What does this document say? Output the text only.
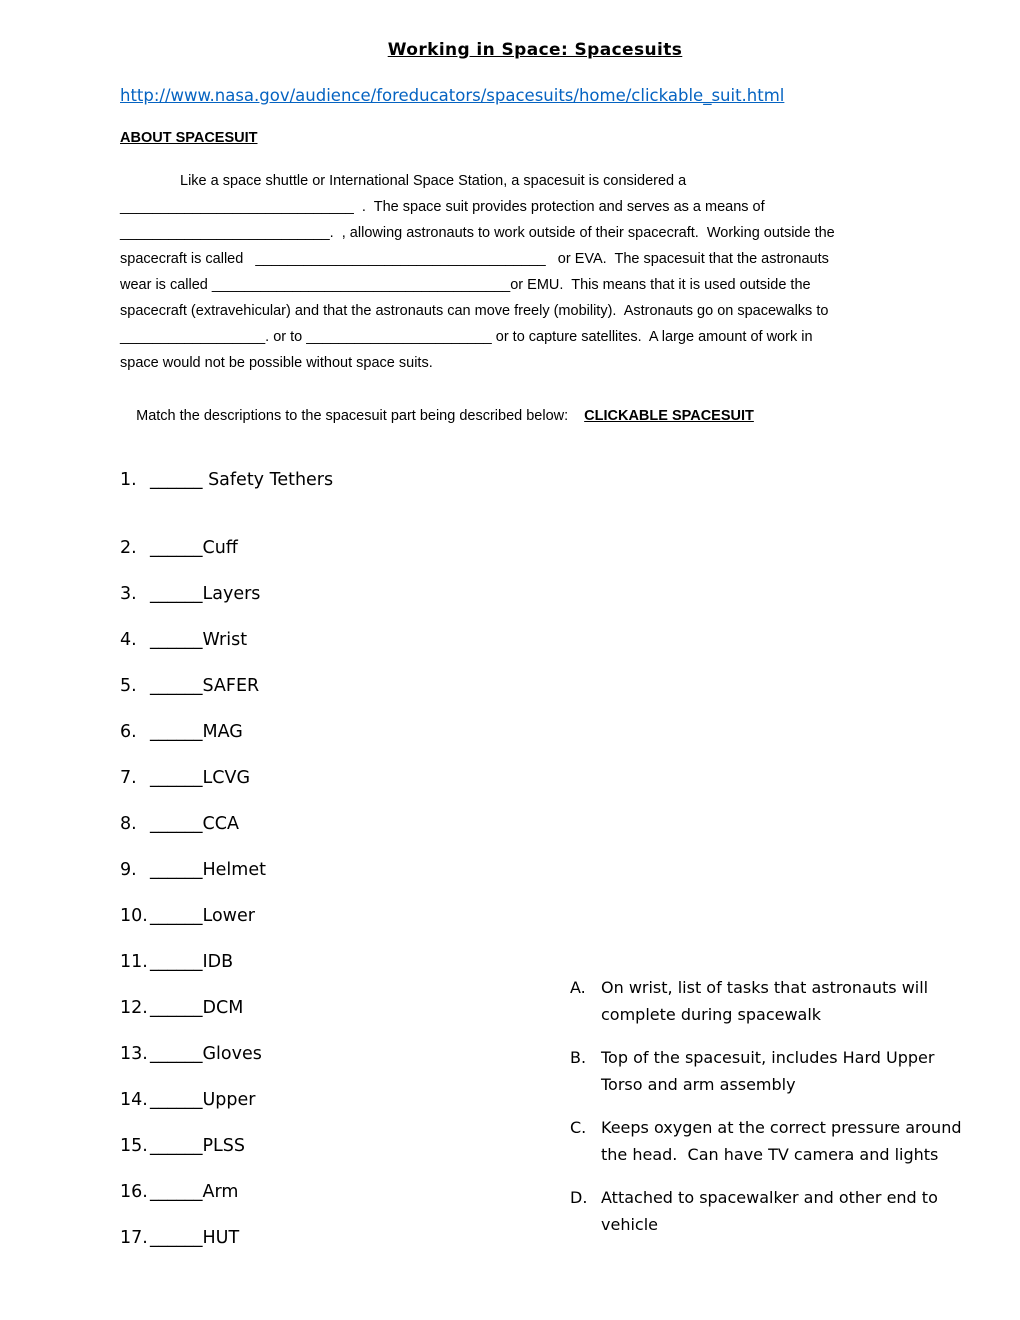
Working in Space: Spacesuits
http://www.nasa.gov/audience/foreducators/spacesuits/home/clickable_suit.html
ABOUT SPACESUIT
Like a space shuttle or International Space Station, a spacesuit is considered a
_____________________________  .  The space suit provides protection and serves as a means of
__________________________.  , allowing astronauts to work outside of their spacecraft.  Working outside the
spacecraft is called   ____________________________________   or EVA.  The spacesuit that the astronauts
wear is called _____________________________________or EMU.  This means that it is used outside the
spacecraft (extravehicular) and that the astronauts can move freely (mobility).  Astronauts go on spacewalks to
__________________. or to _______________________ or to capture satellites.  A large amount of work in
space would not be possible without space suits.

Match the descriptions to the spacesuit part being described below: CLICKABLE SPACESUIT

1. ______ Safety Tethers
2. ______Cuff
3. ______Layers
4. ______Wrist
5. ______SAFER
6. ______MAG
7. ______LCVG
8. ______CCA
9. ______Helmet
10. ______Lower
11. ______IDB
12. ______DCM
13. ______Gloves
14. ______Upper
15. ______PLSS
16. ______Arm
17. ______HUT
A. On wrist, list of tasks that astronauts will
complete during spacewalk
B. Top of the spacesuit, includes Hard Upper
Torso and arm assembly
C. Keeps oxygen at the correct pressure around
the head.  Can have TV camera and lights
D. Attached to spacewalker and other end to
vehicle
